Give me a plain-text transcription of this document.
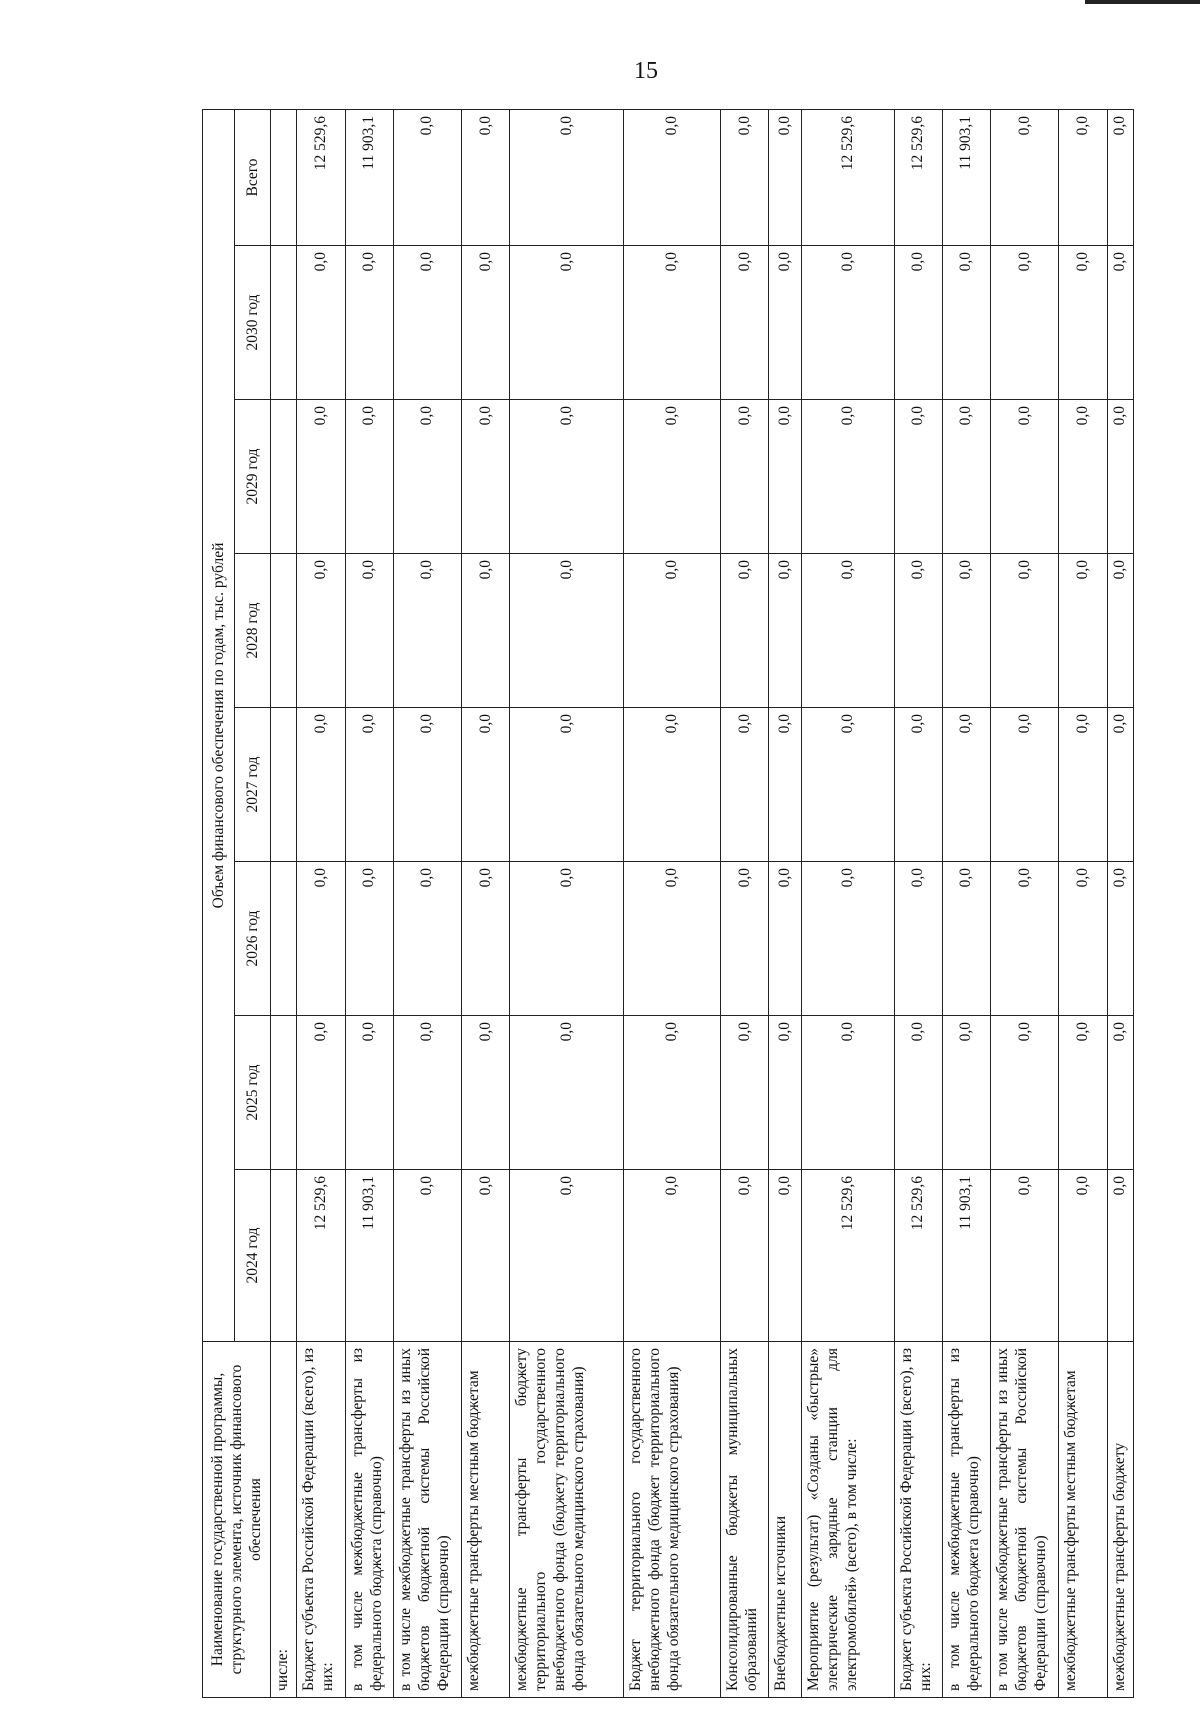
15
Наименование государственной программы, структурного элемента, источник финансового обеспечения	Объем финансового обеспечения по годам, тыс. рублей							
	2024 год	2025 год	2026 год	2027 год	2028 год	2029 год	2030 год	Всего
числе:								
Бюджет субъекта Российской Федерации (всего), из них:	12 529,6	0,0	0,0	0,0	0,0	0,0	0,0	12 529,6
в том числе межбюджетные трансферты из федерального бюджета (справочно)	11 903,1	0,0	0,0	0,0	0,0	0,0	0,0	11 903,1
в том числе межбюджетные трансферты из иных бюджетов бюджетной системы Российской Федерации (справочно)	0,0	0,0	0,0	0,0	0,0	0,0	0,0	0,0
межбюджетные трансферты местным бюджетам	0,0	0,0	0,0	0,0	0,0	0,0	0,0	0,0
межбюджетные трансферты бюджету территориального государственного внебюджетного фонда (бюджету территориального фонда обязательного медицинского страхования)	0,0	0,0	0,0	0,0	0,0	0,0	0,0	0,0
Бюджет территориального государственного внебюджетного фонда (бюджет территориального фонда обязательного медицинского страхования)	0,0	0,0	0,0	0,0	0,0	0,0	0,0	0,0
Консолидированные бюджеты муниципальных образований	0,0	0,0	0,0	0,0	0,0	0,0	0,0	0,0
Внебюджетные источники	0,0	0,0	0,0	0,0	0,0	0,0	0,0	0,0
Мероприятие (результат) «Созданы «быстрые» электрические зарядные станции для электромобилей» (всего), в том числе:	12 529,6	0,0	0,0	0,0	0,0	0,0	0,0	12 529,6
Бюджет субъекта Российской Федерации (всего), из них:	12 529,6	0,0	0,0	0,0	0,0	0,0	0,0	12 529,6
в том числе межбюджетные трансферты из федерального бюджета (справочно)	11 903,1	0,0	0,0	0,0	0,0	0,0	0,0	11 903,1
в том числе межбюджетные трансферты из иных бюджетов бюджетной системы Российской Федерации (справочно)	0,0	0,0	0,0	0,0	0,0	0,0	0,0	0,0
межбюджетные трансферты местным бюджетам	0,0	0,0	0,0	0,0	0,0	0,0	0,0	0,0
межбюджетные трансферты бюджету	0,0	0,0	0,0	0,0	0,0	0,0	0,0	0,0
